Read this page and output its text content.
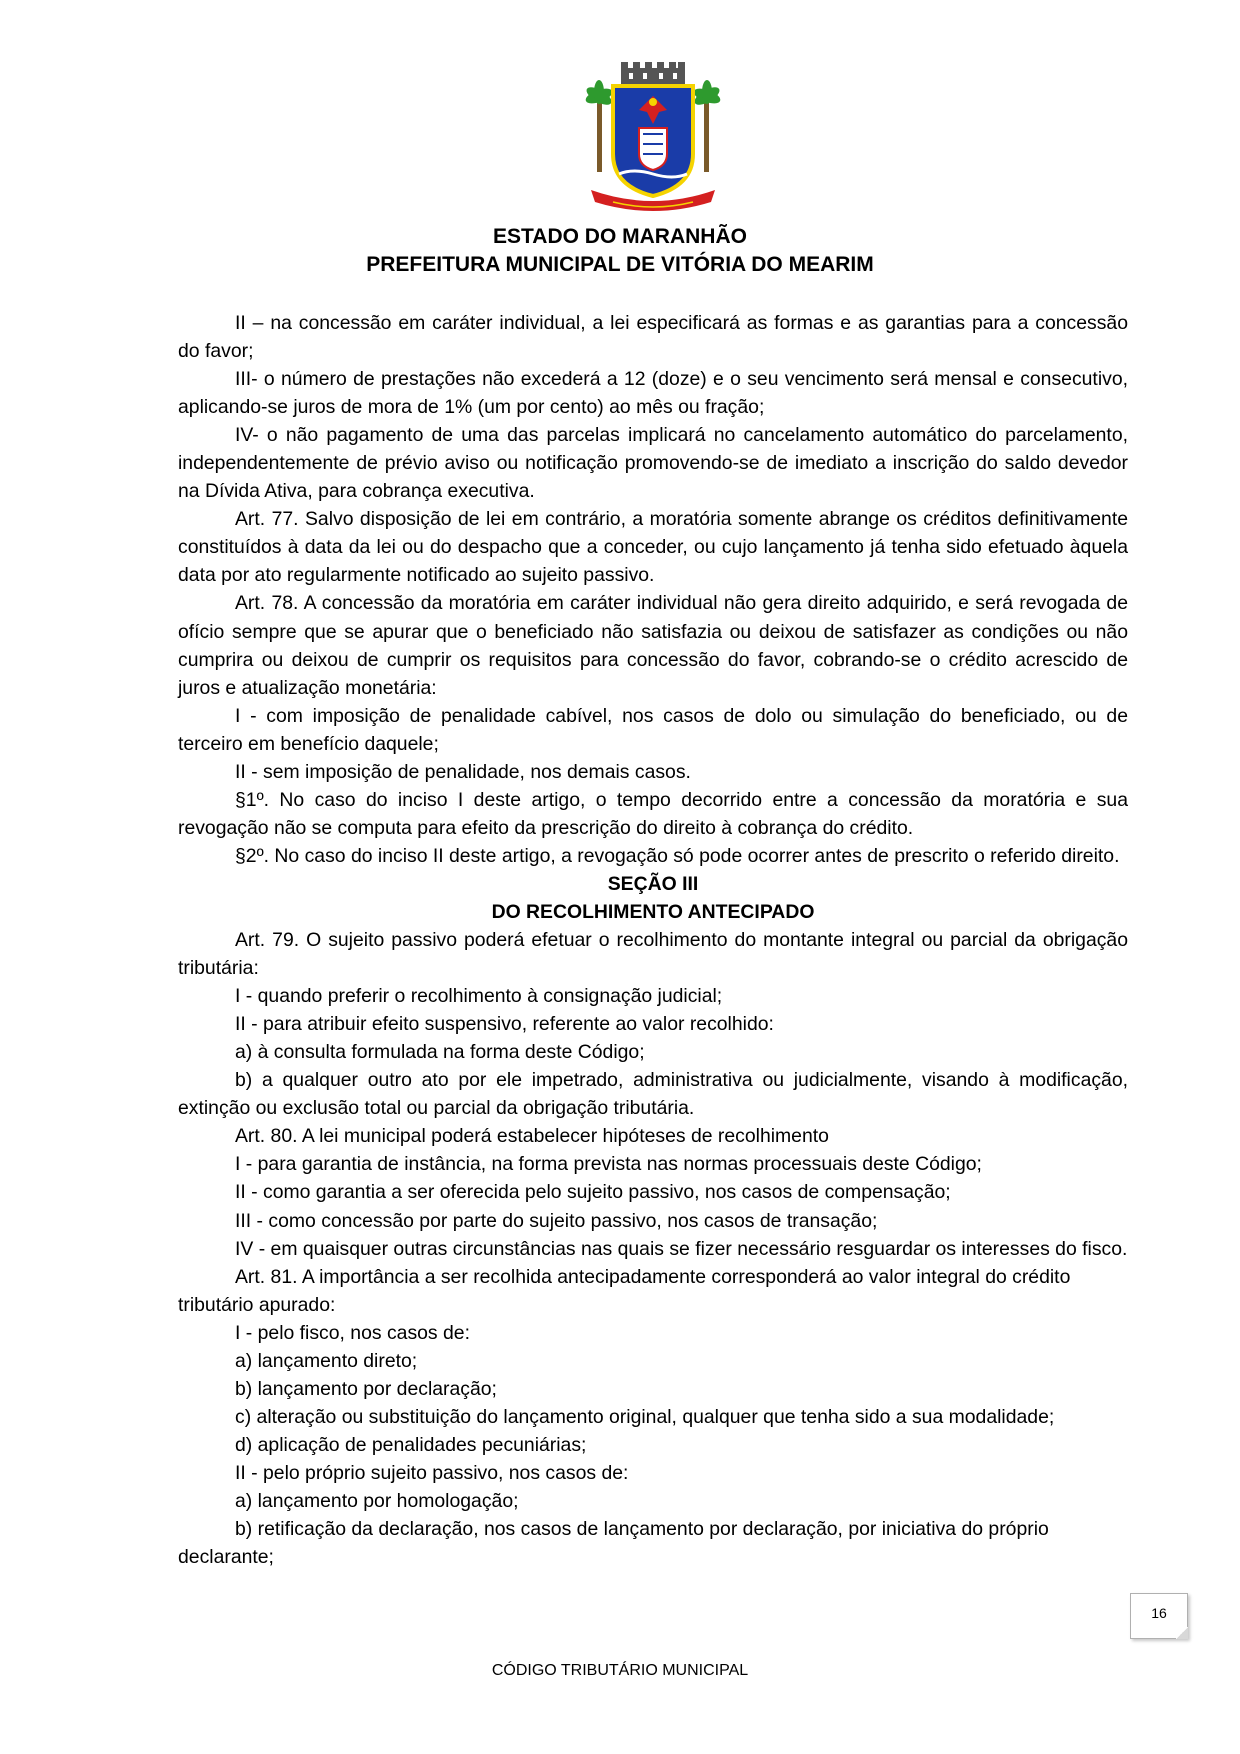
ESTADO DO MARANHÃO
PREFEITURA MUNICIPAL DE VITÓRIA DO MEARIM

II – na concessão em caráter individual, a lei especificará as formas e as garantias para a concessão do favor;

III- o número de prestações não excederá a 12 (doze) e o seu vencimento será mensal e consecutivo, aplicando-se juros de mora de 1% (um por cento) ao mês ou fração;

IV- o não pagamento de uma das parcelas implicará no cancelamento automático do parcelamento, independentemente de prévio aviso ou notificação promovendo-se de imediato a inscrição do saldo devedor na Dívida Ativa, para cobrança executiva.

Art. 77. Salvo disposição de lei em contrário, a moratória somente abrange os créditos definitivamente constituídos à data da lei ou do despacho que a conceder, ou cujo lançamento já tenha sido efetuado àquela data por ato regularmente notificado ao sujeito passivo.

Art. 78. A concessão da moratória em caráter individual não gera direito adquirido, e será revogada de ofício sempre que se apurar que o beneficiado não satisfazia ou deixou de satisfazer as condições ou não cumprira ou deixou de cumprir os requisitos para concessão do favor, cobrando-se o crédito acrescido de juros e atualização monetária:

I - com imposição de penalidade cabível, nos casos de dolo ou simulação do beneficiado, ou de terceiro em benefício daquele;

II - sem imposição de penalidade, nos demais casos.

§1º. No caso do inciso I deste artigo, o tempo decorrido entre a concessão da moratória e sua revogação não se computa para efeito da prescrição do direito à cobrança do crédito.

§2º. No caso do inciso II deste artigo, a revogação só pode ocorrer antes de prescrito o referido direito.

SEÇÃO III

DO RECOLHIMENTO ANTECIPADO

Art. 79. O sujeito passivo poderá efetuar o recolhimento do montante integral ou parcial da obrigação tributária:

I - quando preferir o recolhimento à consignação judicial;

II - para atribuir efeito suspensivo, referente ao valor recolhido:

a) à consulta formulada na forma deste Código;

b) a qualquer outro ato por ele impetrado, administrativa ou judicialmente, visando à modificação, extinção ou exclusão total ou parcial da obrigação tributária.

Art. 80. A lei municipal poderá estabelecer hipóteses de recolhimento

I - para garantia de instância, na forma prevista nas normas processuais deste Código;

II - como garantia a ser oferecida pelo sujeito passivo, nos casos de compensação;

III - como concessão por parte do sujeito passivo, nos casos de transação;

IV - em quaisquer outras circunstâncias nas quais se fizer necessário resguardar os interesses do fisco.

Art. 81. A importância a ser recolhida antecipadamente corresponderá ao valor integral do crédito tributário apurado:

I - pelo fisco, nos casos de:

a) lançamento direto;

b) lançamento por declaração;

c) alteração ou substituição do lançamento original, qualquer que tenha sido a sua modalidade;

d) aplicação de penalidades pecuniárias;

II - pelo próprio sujeito passivo, nos casos de:

a) lançamento por homologação;

b) retificação da declaração, nos casos de lançamento por declaração, por iniciativa do próprio declarante;

16
CÓDIGO TRIBUTÁRIO MUNICIPAL
